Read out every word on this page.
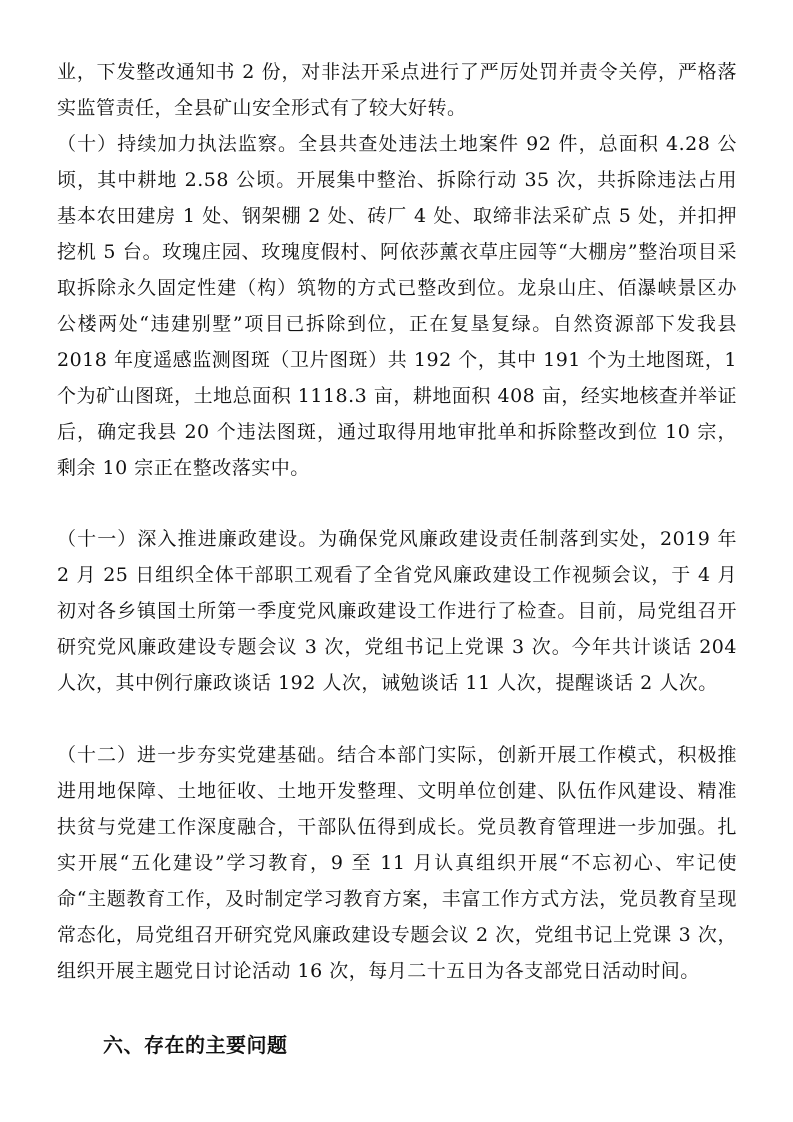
业，下发整改通知书 2 份，对非法开采点进行了严厉处罚并责令关停，严格落实监管责任，全县矿山安全形式有了较大好转。

（十）持续加力执法监察。全县共查处违法土地案件 92 件，总面积 4.28 公顷，其中耕地 2.58 公顷。开展集中整治、拆除行动 35 次，共拆除违法占用基本农田建房 1 处、钢架棚 2 处、砖厂 4 处、取缔非法采矿点 5 处，并扣押挖机 5 台。玫瑰庄园、玫瑰度假村、阿依莎薰衣草庄园等“大棚房”整治项目采取拆除永久固定性建（构）筑物的方式已整改到位。龙泉山庄、佰瀑峡景区办公楼两处“违建别墅”项目已拆除到位，正在复垦复绿。自然资源部下发我县 2018 年度遥感监测图斑（卫片图斑）共 192 个，其中 191 个为土地图斑，1 个为矿山图斑，土地总面积 1118.3 亩，耕地面积 408 亩，经实地核查并举证后，确定我县 20 个违法图斑，通过取得用地审批单和拆除整改到位 10 宗，剩余 10 宗正在整改落实中。

（十一）深入推进廉政建设。为确保党风廉政建设责任制落到实处，2019 年 2 月 25 日组织全体干部职工观看了全省党风廉政建设工作视频会议，于 4 月初对各乡镇国土所第一季度党风廉政建设工作进行了检查。目前，局党组召开研究党风廉政建设专题会议 3 次，党组书记上党课 3 次。今年共计谈话 204 人次，其中例行廉政谈话 192 人次，诫勉谈话 11 人次，提醒谈话 2 人次。

（十二）进一步夯实党建基础。结合本部门实际，创新开展工作模式，积极推进用地保障、土地征收、土地开发整理、文明单位创建、队伍作风建设、精准扶贫与党建工作深度融合，干部队伍得到成长。党员教育管理进一步加强。扎实开展“五化建设”学习教育，9 至 11 月认真组织开展“不忘初心、牢记使命“主题教育工作，及时制定学习教育方案，丰富工作方式方法，党员教育呈现常态化，局党组召开研究党风廉政建设专题会议 2 次，党组书记上党课 3 次，组织开展主题党日讨论活动 16 次，每月二十五日为各支部党日活动时间。

六、存在的主要问题
